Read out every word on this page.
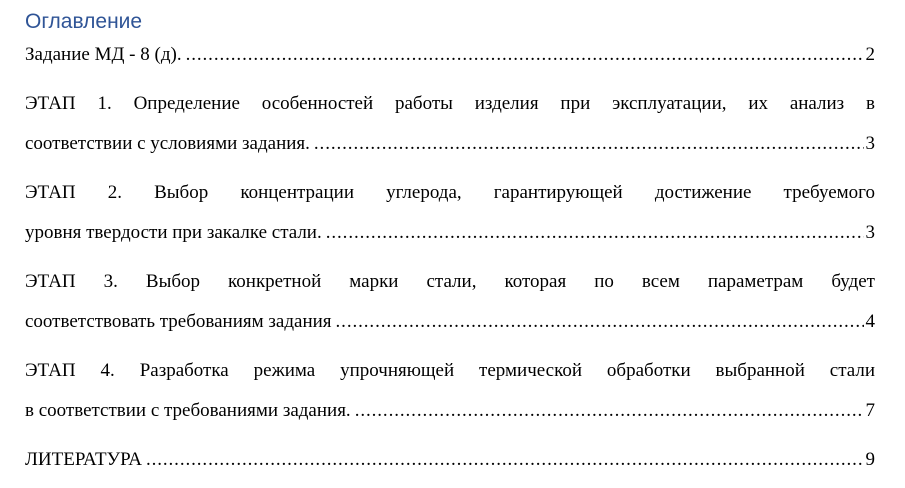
Оглавление
Задание МД - 8 (д). .....	2
ЭТАП 1. Определение особенностей работы изделия при эксплуатации, их анализ в
соответствии с условиями задания. .....	3
ЭТАП 2. Выбор концентрации углерода, гарантирующей достижение требуемого
уровня твердости при закалке стали. .....	3
ЭТАП 3. Выбор конкретной марки стали, которая по всем параметрам будет
соответствовать требованиям задания .....	4
ЭТАП 4. Разработка режима упрочняющей термической обработки выбранной стали
в соответствии с требованиями задания. .....	7
ЛИТЕРАТУРА .....	9
